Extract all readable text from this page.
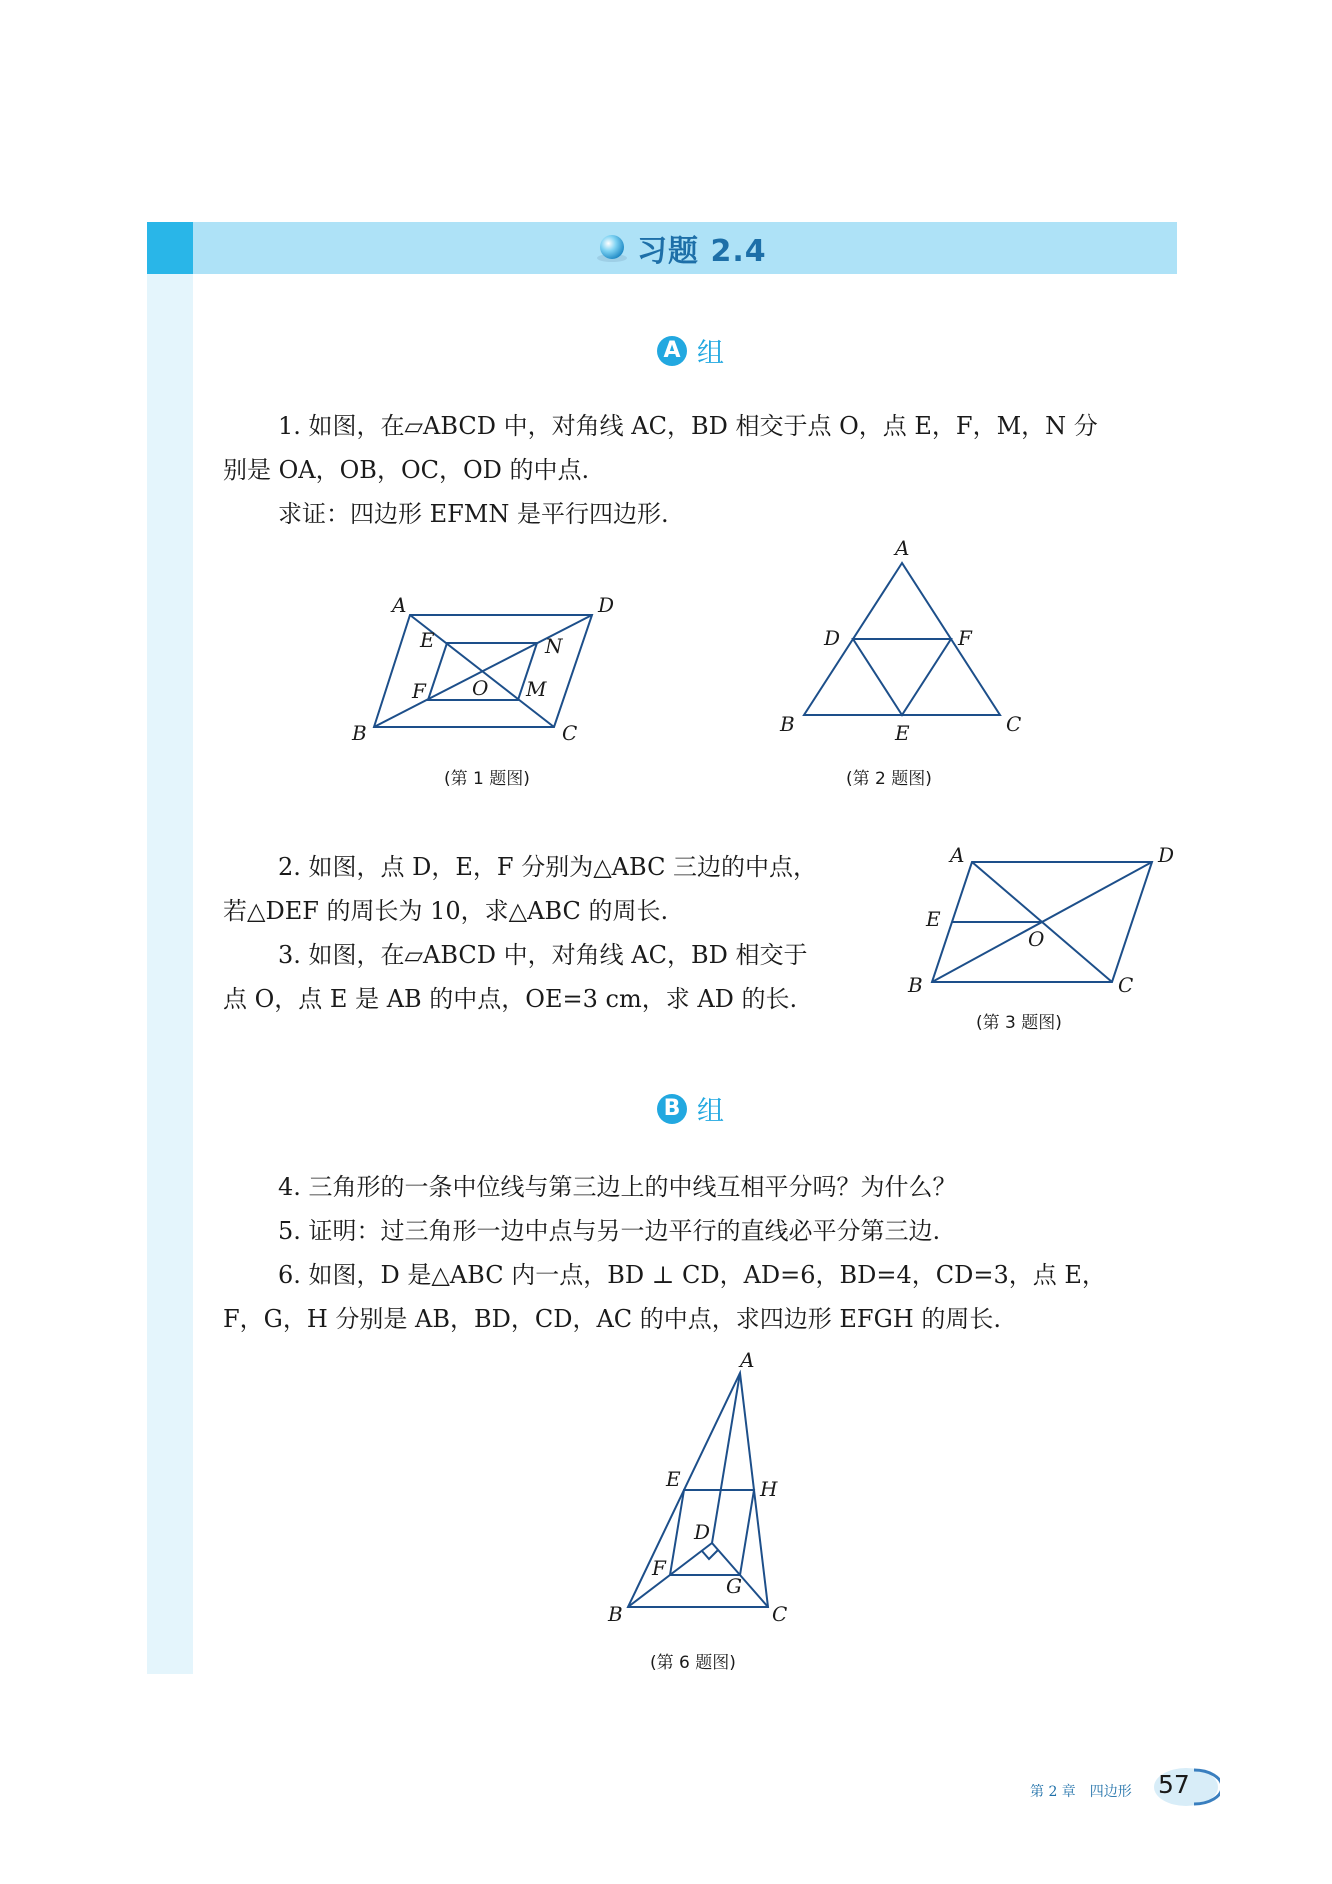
习题 2.4
A 组

1. 如图，在▱ABCD 中，对角线 AC，BD 相交于点 O，点 E，F，M，N 分

别是 OA，OB，OC，OD 的中点.

求证：四边形 EFMN 是平行四边形.

A	D
B	C
E	N
F	M
O
(第 1 题图)
A
D	F
B	C
E
(第 2 题图)

2. 如图，点 D，E，F 分别为△ABC 三边的中点，

若△DEF 的周长为 10，求△ABC 的周长.

3. 如图，在▱ABCD 中，对角线 AC，BD 相交于

点 O，点 E 是 AB 的中点，OE=3 cm，求 AD 的长.

A	D
E
O
B	C
(第 3 题图)
B 组

4. 三角形的一条中位线与第三边上的中线互相平分吗？为什么？

5. 证明：过三角形一边中点与另一边平行的直线必平分第三边.

6. 如图，D 是△ABC 内一点，BD ⊥ CD，AD=6，BD=4，CD=3，点 E，

F，G，H 分别是 AB，BD，CD，AC 的中点，求四边形 EFGH 的周长.

A
E	H
D
F
G
B	C
(第 6 题图)
第 2 章　四边形 57
